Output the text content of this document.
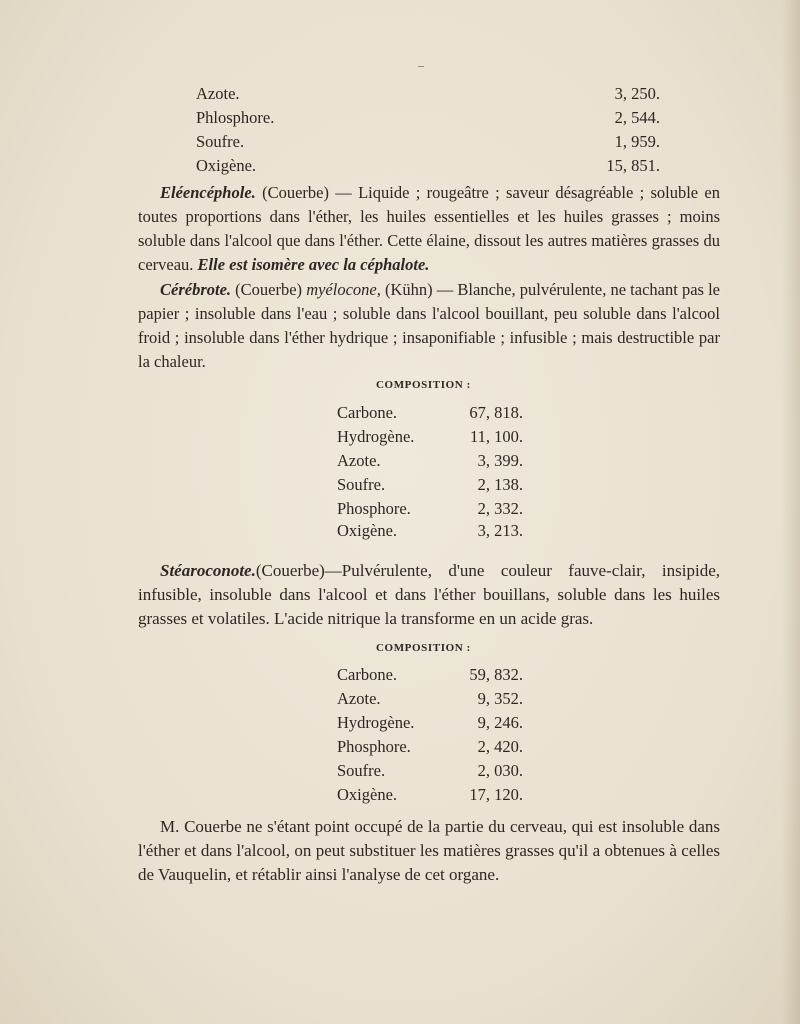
–
Azote.	3, 250.
Phlosphore.	2, 544.
Soufre.	1, 959.
Oxigène.	15, 851.
Eléencéphole. (Couerbe) — Liquide ; rougeâtre ; saveur désagréable ; soluble en toutes proportions dans l'éther, les huiles essentielles et les huiles grasses ; moins soluble dans l'alcool que dans l'éther. Cette élaine, dissout les autres matières grasses du cerveau. Elle est isomère avec la céphalote.
Cérébrote. (Couerbe) myélocone, (Kühn) — Blanche, pulvérulente, ne tachant pas le papier ; insoluble dans l'eau ; soluble dans l'alcool bouillant, peu soluble dans l'alcool froid ; insoluble dans l'éther hydrique ; insaponifiable ; infusible ; mais destructible par la chaleur.
COMPOSITION :
Carbone.	67, 818.
Hydrogène.	11, 100.
Azote.	3, 399.
Soufre.	2, 138.
Phosphore.	2, 332.
Oxigène.	3, 213.
Stéaroconote.(Couerbe)—Pulvérulente, d'une couleur fauve-clair, insipide, infusible, insoluble dans l'alcool et dans l'éther bouillans, soluble dans les huiles grasses et volatiles. L'acide nitrique la transforme en un acide gras.
COMPOSITION :
Carbone.	59, 832.
Azote.	9, 352.
Hydrogène.	9, 246.
Phosphore.	2, 420.
Soufre.	2, 030.
Oxigène.	17, 120.
M. Couerbe ne s'étant point occupé de la partie du cerveau, qui est insoluble dans l'éther et dans l'alcool, on peut substituer les matières grasses qu'il a obtenues à celles de Vauquelin, et rétablir ainsi l'analyse de cet organe.
